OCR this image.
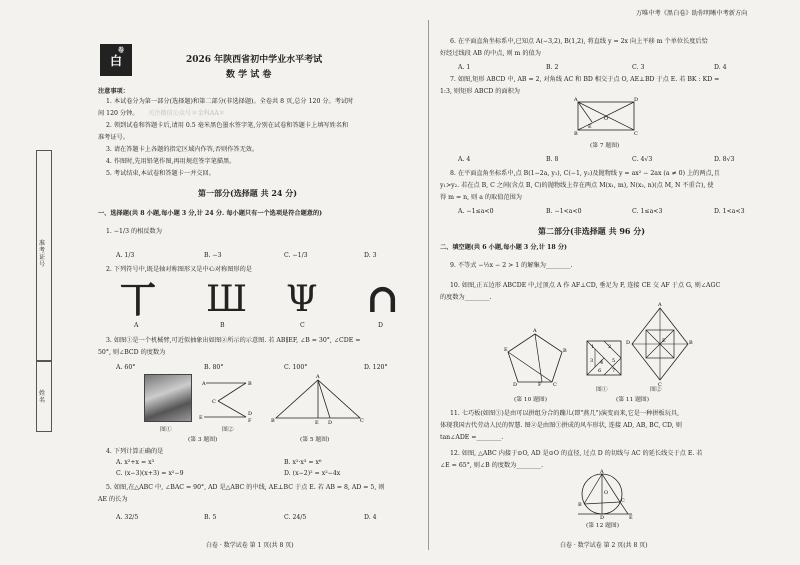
万唯中考《黑白卷》助你明晰中考新方向
准考证号
姓名
白
卷
2026 年陕西省初中学业水平考试
数 学 试 卷
注意事项：
1. 本试卷分为第一部分(选择题)和第二部分(非选择题)。全卷共 8 页,总分 120 分。考试时
间 120 分钟。 关注微信公众号＊金科AA＊
2. 领到试卷和答题卡后,请用 0.5 毫米黑色墨水签字笔,分别在试卷和答题卡上填写姓名和
准考证号。
3. 请在答题卡上各题的指定区域内作答,否则作答无效。
4. 作图时,先用铅笔作图,再用规范签字笔描黑。
5. 考试结束,本试卷和答题卡一并交回。
第一部分(选择题 共 24 分)
一、选择题(共 8 小题,每小题 3 分,计 24 分. 每小题只有一个选项是符合题意的)
1. −1/3 的相反数为
A. 1/3	B. −3	C. −1/3	D. 3
2. 下列符号中,既是轴对称图形又是中心对称图形的是
丅 Ш Ψ ∩
A	B	C	D
3. 如图①是一个机械臂,可近似抽象出如图②所示的示意图. 若 AB∥EF, ∠B = 30°, ∠CDE =
50°, 则∠BCD 的度数为
A. 60°	B. 80°	C. 100°	D. 120°
A	B
C
D
E	F
A
B	E D	C
图①	图②
(第 3 题图)	(第 5 题图)
4. 下列计算正确的是
A. x²+x = x³	B. x²·x³ = x⁶
C. (x−3)(x+3) = x²−9	D. (x−2)² = x²−4x
5. 如图,在△ABC 中, ∠BAC = 90°, AD 是△ABC 的中线, AE⊥BC 于点 E. 若 AB = 8, AD = 5, 则
AE 的长为
A. 32/5	B. 5	C. 24/5	D. 4
白卷 · 数学试卷 第 1 页(共 8 页)
6. 在平面直角坐标系中,已知点 A(−3,2), B(1,2), 将直线 y = 2x 向上平移 m 个单位长度后恰
好经过线段 AB 的中点, 则 m 的值为
A. 1	B. 2	C. 3	D. 4
7. 如图,矩形 ABCD 中, AB = 2, 对角线 AC 和 BD 相交于点 O, AE⊥BD 于点 E. 若 BK : KD =
1:3, 则矩形 ABCD 的面积为
A	D
B	C
E
O
(第 7 题图)
A. 4	B. 8	C. 4√3	D. 8√3
8. 在平面直角坐标系中,点 B(1−2a, y₁), C(−1, y₂)及抛物线 y = ax² − 2ax (a ≠ 0) 上的两点,且
y₁>y₂. 若在点 B, C 之间(含点 B, C)的抛物线上存在两点 M(x₁, m), N(x₂, n)(点 M, N 不重合), 使
得 m = n, 则 a 的取值范围为
A. −1≤a<0	B. −1<a<0	C. 1≤a<3	D. 1<a<3
第二部分(非选择题 共 96 分)
二、填空题(共 6 小题,每小题 3 分,计 18 分)
9. 不等式 −½x − 2 > 1 的解集为________.
10. 如图,正五边形 ABCDE 中,过顶点 A 作 AF⊥CD, 垂足为 F, 连接 CE 交 AF 于点 G, 则∠AGC
的度数为________.
A
B
C
D
E
F
(第 10 题图)
1	2
3 4 5
6 7
A
B
C
D	E
图①	图②
(第 11 题图)
11. 七巧板(如图①)是由可以拼组分合的蹦儿(即"燕几")演变而来,它是一种拼板玩具,
体现我国古代劳动人民的智慧. 图②是由图①拼成的风车形状, 连接 AD, AB, BC, CD, 则
tan∠ADE =________.
12. 如图, △ABC 内接于⊙O, AD 是⊙O 的直径, 过点 D 的切线与 AC 的延长线交于点 E. 若
∠E = 65°, 则∠B 的度数为________.
A
B
C
D	E
O
(第 12 题图)
白卷 · 数学试卷 第 2 页(共 8 页)
